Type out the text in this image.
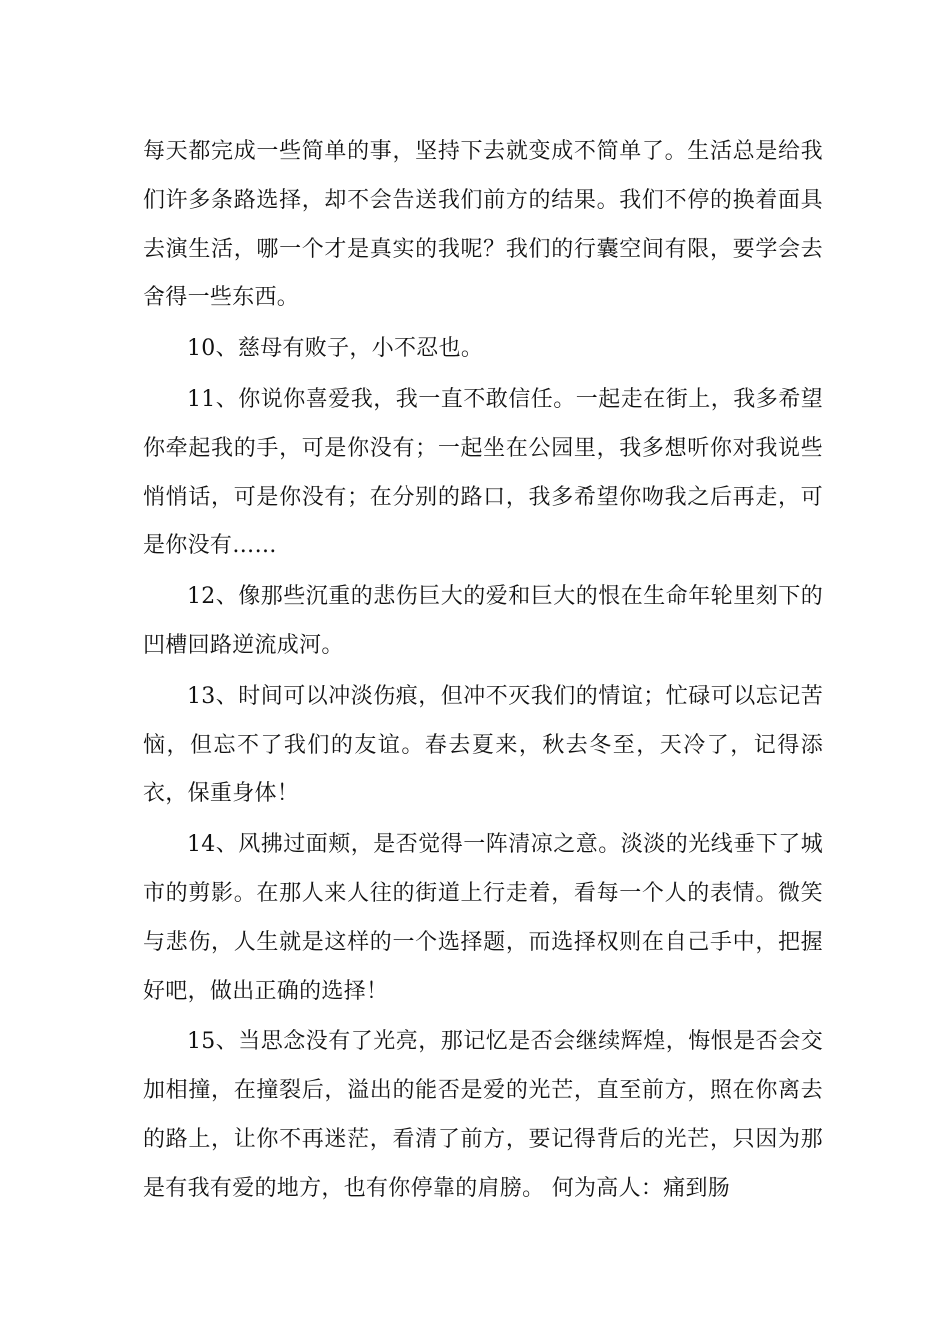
每天都完成一些简单的事，坚持下去就变成不简单了。生活总是给我们许多条路选择，却不会告送我们前方的结果。我们不停的换着面具去演生活，哪一个才是真实的我呢？我们的行囊空间有限，要学会去舍得一些东西。

10、慈母有败子，小不忍也。

11、你说你喜爱我，我一直不敢信任。一起走在街上，我多希望你牵起我的手，可是你没有；一起坐在公园里，我多想听你对我说些悄悄话，可是你没有；在分别的路口，我多希望你吻我之后再走，可是你没有……

12、像那些沉重的悲伤巨大的爱和巨大的恨在生命年轮里刻下的凹槽回路逆流成河。

13、时间可以冲淡伤痕，但冲不灭我们的情谊；忙碌可以忘记苦恼，但忘不了我们的友谊。春去夏来，秋去冬至，天冷了，记得添衣，保重身体！

14、风拂过面颊，是否觉得一阵清凉之意。淡淡的光线垂下了城市的剪影。在那人来人往的街道上行走着，看每一个人的表情。微笑与悲伤，人生就是这样的一个选择题，而选择权则在自己手中，把握好吧，做出正确的选择！

15、当思念没有了光亮，那记忆是否会继续辉煌，悔恨是否会交加相撞，在撞裂后，溢出的能否是爱的光芒，直至前方，照在你离去的路上，让你不再迷茫，看清了前方，要记得背后的光芒，只因为那是有我有爱的地方，也有你停靠的肩膀。 何为高人：痛到肠
